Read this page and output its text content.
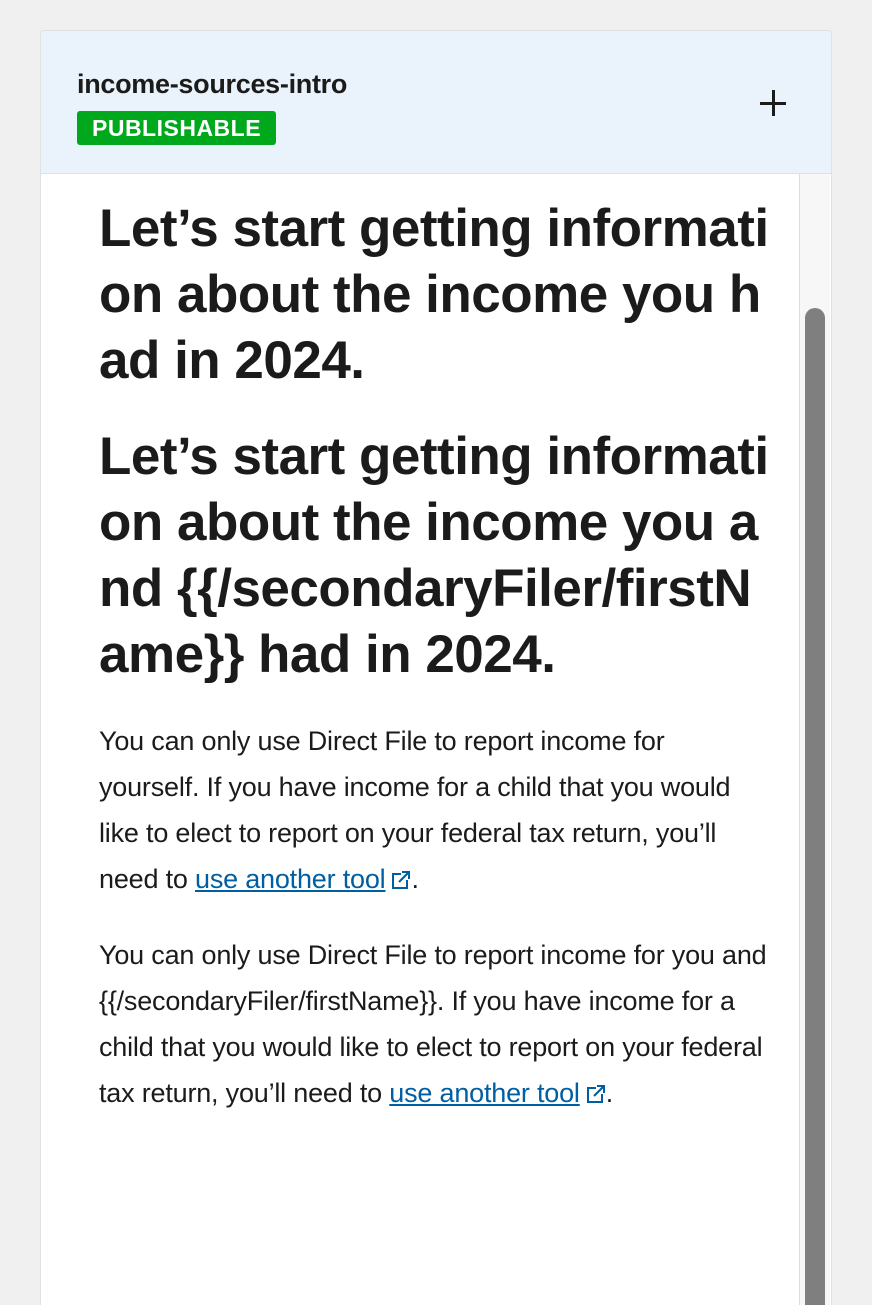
income-sources-intro
PUBLISHABLE
Let’s start getting information about the income you had in 2024.
Let’s start getting information about the income you and {{/secondaryFiler/firstName}} had in 2024.

You can only use Direct File to report income for yourself. If you have income for a child that you would like to elect to report on your federal tax return, you’ll need to use another tool .

You can only use Direct File to report income for you and {{/secondaryFiler/firstName}}. If you have income for a child that you would like to elect to report on your federal tax return, you’ll need to use another tool .
